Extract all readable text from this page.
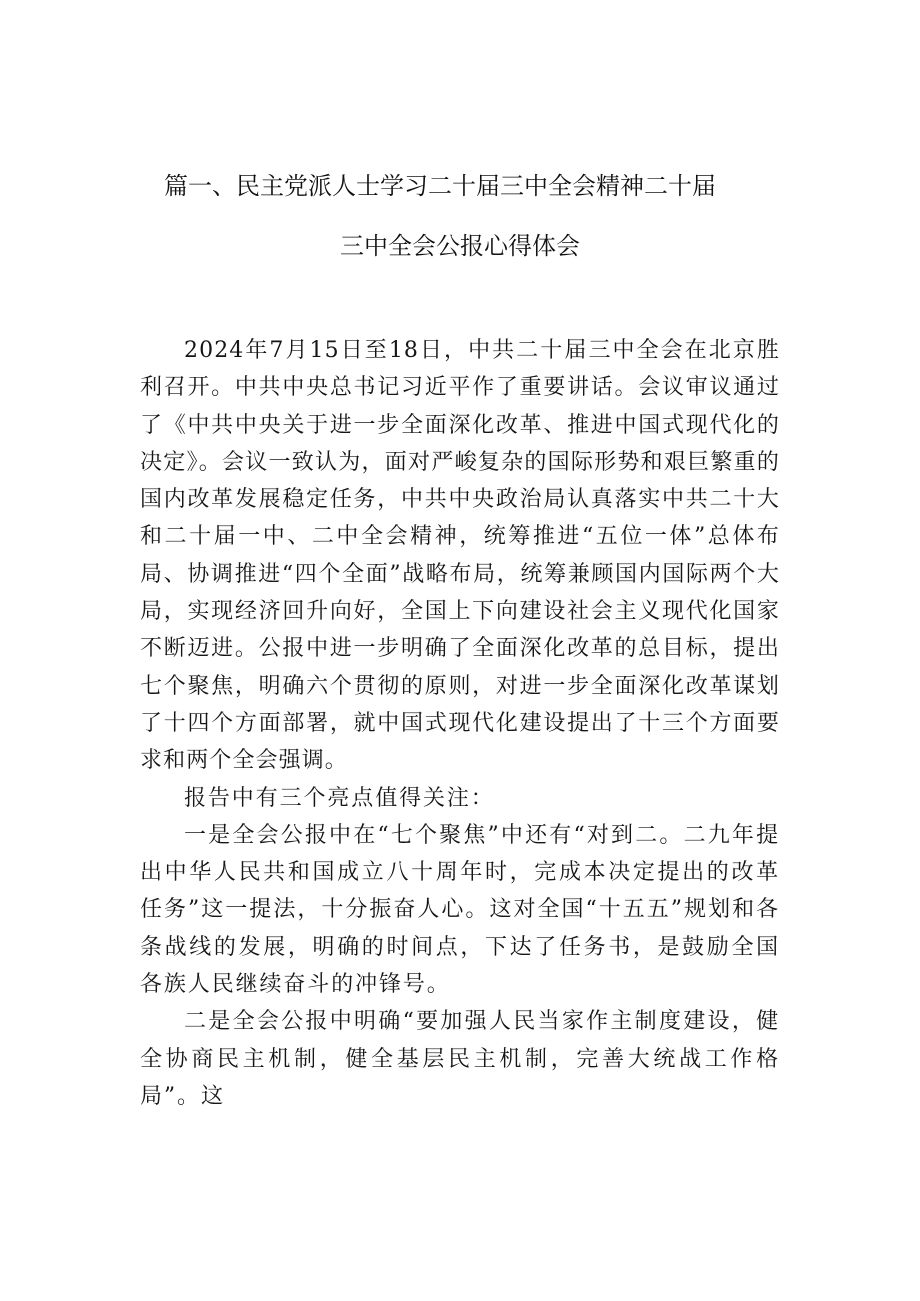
篇一、民主党派人士学习二十届三中全会精神二十届
三中全会公报心得体会

2024年7月15日至18日，中共二十届三中全会在北京胜利召开。中共中央总书记习近平作了重要讲话。会议审议通过了《中共中央关于进一步全面深化改革、推进中国式现代化的决定》。会议一致认为，面对严峻复杂的国际形势和艰巨繁重的国内改革发展稳定任务，中共中央政治局认真落实中共二十大和二十届一中、二中全会精神，统筹推进“五位一体”总体布局、协调推进“四个全面”战略布局，统筹兼顾国内国际两个大局，实现经济回升向好，全国上下向建设社会主义现代化国家不断迈进。公报中进一步明确了全面深化改革的总目标，提出七个聚焦，明确六个贯彻的原则，对进一步全面深化改革谋划了十四个方面部署，就中国式现代化建设提出了十三个方面要求和两个全会强调。

报告中有三个亮点值得关注：

一是全会公报中在“七个聚焦”中还有“对到二。二九年提出中华人民共和国成立八十周年时，完成本决定提出的改革任务”这一提法，十分振奋人心。这对全国“十五五”规划和各条战线的发展，明确的时间点，下达了任务书，是鼓励全国各族人民继续奋斗的冲锋号。

二是全会公报中明确“要加强人民当家作主制度建设，健全协商民主机制，健全基层民主机制，完善大统战工作格局”。这
